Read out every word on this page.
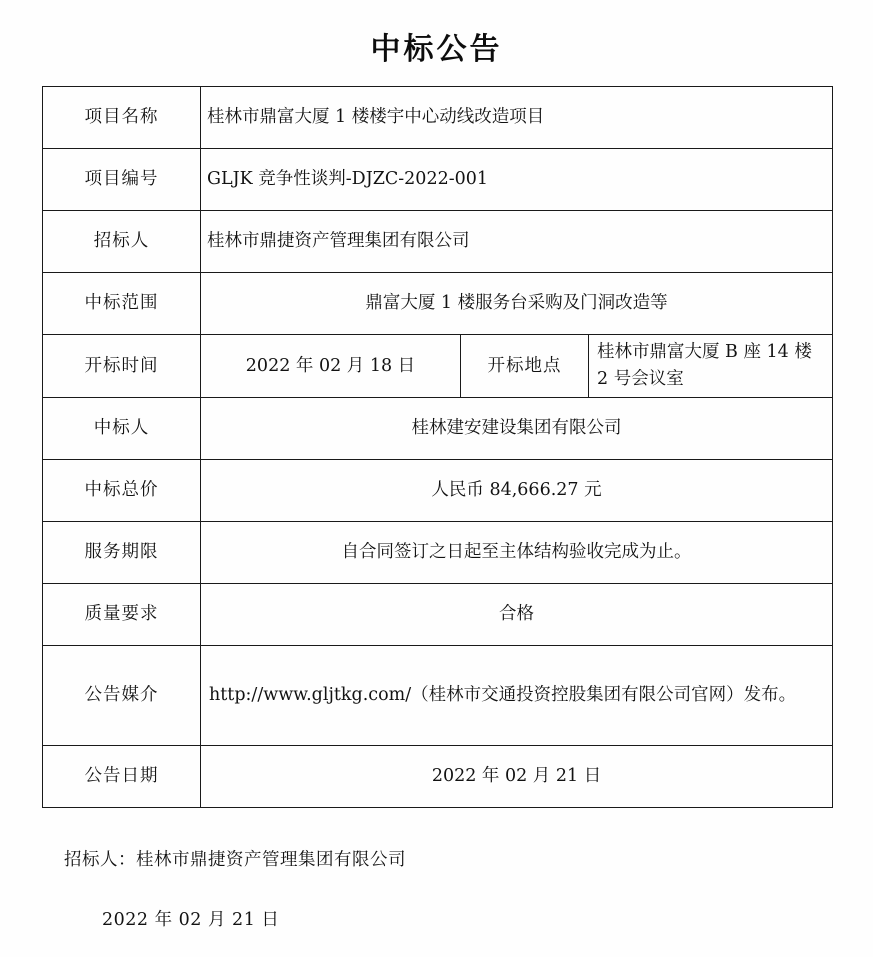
中标公告
项目名称	桂林市鼎富大厦 1 楼楼宇中心动线改造项目		
项目编号	GLJK 竞争性谈判-DJZC-2022-001		
招标人	桂林市鼎捷资产管理集团有限公司		
中标范围	鼎富大厦 1 楼服务台采购及门洞改造等		
开标时间	2022 年 02 月 18 日	开标地点	桂林市鼎富大厦 B 座 14 楼 2 号会议室
中标人	桂林建安建设集团有限公司		
中标总价	人民币 84,666.27 元		
服务期限	自合同签订之日起至主体结构验收完成为止。		
质量要求	合格		
公告媒介	http://www.gljtkg.com/（桂林市交通投资控股集团有限公司官网）发布。		
公告日期	2022 年 02 月 21 日		
招标人：桂林市鼎捷资产管理集团有限公司
2022 年 02 月 21 日
